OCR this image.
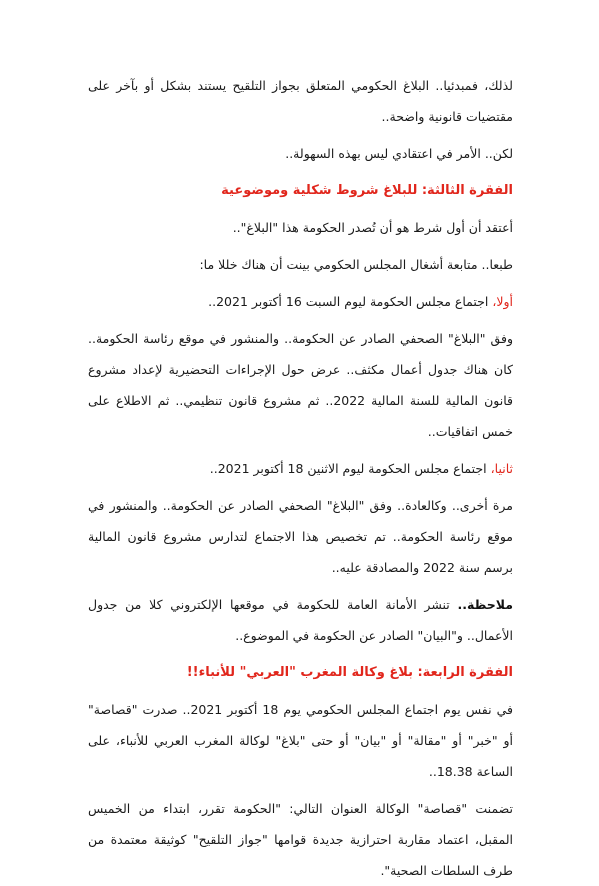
لذلك، فمبدئيا.. البلاغ الحكومي المتعلق بجواز التلقيح يستند بشكل أو بآخر على مقتضيات قانونية واضحة..

لكن.. الأمر في اعتقادي ليس بهذه السهولة..

الفقرة الثالثة: للبلاغ شروط شكلية وموضوعية

أعتقد أن أول شرط هو أن تُصدر الحكومة هذا "البلاغ"..

طبعا.. متابعة أشغال المجلس الحكومي بينت أن هناك خللا ما:

أولا، اجتماع مجلس الحكومة ليوم السبت 16 أكتوبر 2021..

وفق "البلاغ" الصحفي الصادر عن الحكومة.. والمنشور في موقع رئاسة الحكومة.. كان هناك جدول أعمال مكثف.. عرض حول الإجراءات التحضيرية لإعداد مشروع قانون المالية للسنة المالية 2022.. ثم مشروع قانون تنظيمي.. ثم الاطلاع على خمس اتفاقيات..

ثانيا، اجتماع مجلس الحكومة ليوم الاثنين 18 أكتوبر 2021..

مرة أخرى.. وكالعادة.. وفق "البلاغ" الصحفي الصادر عن الحكومة.. والمنشور في موقع رئاسة الحكومة.. تم تخصيص هذا الاجتماع لتدارس مشروع قانون المالية برسم سنة 2022 والمصادقة عليه..

ملاحظة.. تنشر الأمانة العامة للحكومة في موقعها الإلكتروني كلا من جدول الأعمال.. و"البيان" الصادر عن الحكومة في الموضوع..

الفقرة الرابعة: بلاغ وكالة المغرب "العربي" للأنباء!!

في نفس يوم اجتماع المجلس الحكومي يوم 18 أكتوبر 2021.. صدرت "قصاصة" أو "خبر" أو "مقالة" أو "بيان" أو حتى "بلاغ" لوكالة المغرب العربي للأنباء، على الساعة 18.38..

تضمنت "قصاصة" الوكالة العنوان التالي: "الحكومة تقرر، ابتداء من الخميس المقبل، اعتماد مقاربة احترازية جديدة قوامها "جواز التلقيح" كوثيقة معتمدة من طرف السلطات الصحية".
